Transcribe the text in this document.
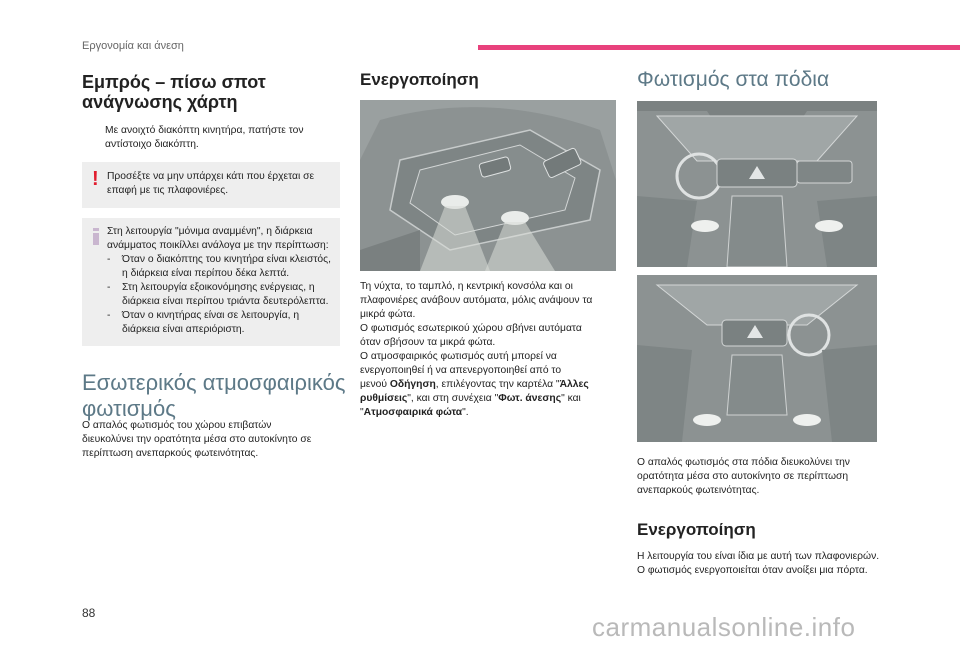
Εργονομία και άνεση
Εμπρός – πίσω σποτ
ανάγνωσης χάρτη
Με ανοιχτό διακόπτη κινητήρα, πατήστε τον
αντίστοιχο διακόπτη.
! Προσέξτε να μην υπάρχει κάτι που έρχεται σε
επαφή με τις πλαφονιέρες.
Στη λειτουργία "μόνιμα αναμμένη", η διάρκεια
ανάμματος ποικίλλει ανάλογα με την περίπτωση:
- Όταν ο διακόπτης του κινητήρα είναι κλειστός,
η διάρκεια είναι περίπου δέκα λεπτά.
- Στη λειτουργία εξοικονόμησης ενέργειας, η
διάρκεια είναι περίπου τριάντα δευτερόλεπτα.
- Όταν ο κινητήρας είναι σε λειτουργία, η
διάρκεια είναι απεριόριστη.
Εσωτερικός ατμοσφαιρικός
φωτισμός
Ο απαλός φωτισμός του χώρου επιβατών
διευκολύνει την ορατότητα μέσα στο αυτοκίνητο σε
περίπτωση ανεπαρκούς φωτεινότητας.
Ενεργοποίηση
Τη νύχτα, το ταμπλό, η κεντρική κονσόλα και οι
πλαφονιέρες ανάβουν αυτόματα, μόλις ανάψουν τα
μικρά φώτα.
Ο φωτισμός εσωτερικού χώρου σβήνει αυτόματα
όταν σβήσουν τα μικρά φώτα.
Ο ατμοσφαιρικός φωτισμός αυτή μπορεί να
ενεργοποιηθεί ή να απενεργοποιηθεί από το
μενού Οδήγηση, επιλέγοντας την καρτέλα "Άλλες
ρυθμίσεις", και στη συνέχεια "Φωτ. άνεσης" και
"Ατμοσφαιρικά φώτα".
Φωτισμός στα πόδια
Ο απαλός φωτισμός στα πόδια διευκολύνει την
ορατότητα μέσα στο αυτοκίνητο σε περίπτωση
ανεπαρκούς φωτεινότητας.
Ενεργοποίηση
Η λειτουργία του είναι ίδια με αυτή των πλαφονιερών.
Ο φωτισμός ενεργοποιείται όταν ανοίξει μια πόρτα.
88	carmanualsonline.info
